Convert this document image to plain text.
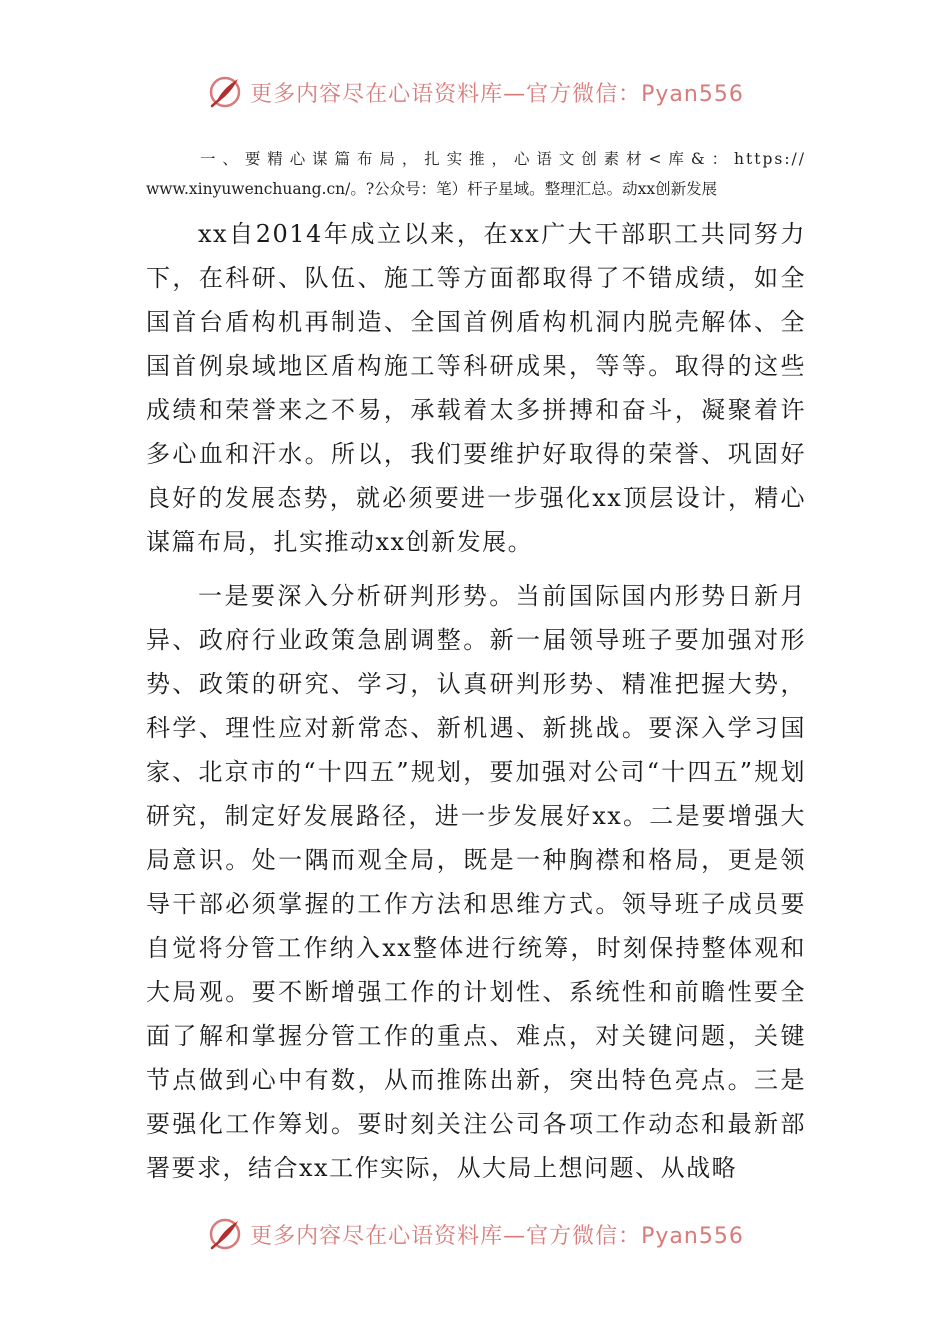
更多内容尽在心语资料库—官方微信：Pyan556

一、要精心谋篇布局，扎实推，心语文创素材<库&：https://

www.xinyuwenchuang.cn/。?公众号：笔）杆子星域。整理汇总。动xx创新发展

xx自2014年成立以来，在xx广大干部职工共同努力下，在科研、队伍、施工等方面都取得了不错成绩，如全国首台盾构机再制造、全国首例盾构机洞内脱壳解体、全国首例泉域地区盾构施工等科研成果，等等。取得的这些成绩和荣誉来之不易，承载着太多拼搏和奋斗，凝聚着许多心血和汗水。所以，我们要维护好取得的荣誉、巩固好良好的发展态势，就必须要进一步强化xx顶层设计，精心谋篇布局，扎实推动xx创新发展。

一是要深入分析研判形势。当前国际国内形势日新月异、政府行业政策急剧调整。新一届领导班子要加强对形势、政策的研究、学习，认真研判形势、精准把握大势，科学、理性应对新常态、新机遇、新挑战。要深入学习国家、北京市的“十四五”规划，要加强对公司“十四五”规划研究，制定好发展路径，进一步发展好xx。二是要增强大局意识。处一隅而观全局，既是一种胸襟和格局，更是领导干部必须掌握的工作方法和思维方式。领导班子成员要自觉将分管工作纳入xx整体进行统筹，时刻保持整体观和大局观。要不断增强工作的计划性、系统性和前瞻性要全面了解和掌握分管工作的重点、难点，对关键问题，关键节点做到心中有数，从而推陈出新，突出特色亮点。三是要强化工作筹划。要时刻关注公司各项工作动态和最新部署要求，结合xx工作实际，从大局上想问题、从战略

更多内容尽在心语资料库—官方微信：Pyan556
